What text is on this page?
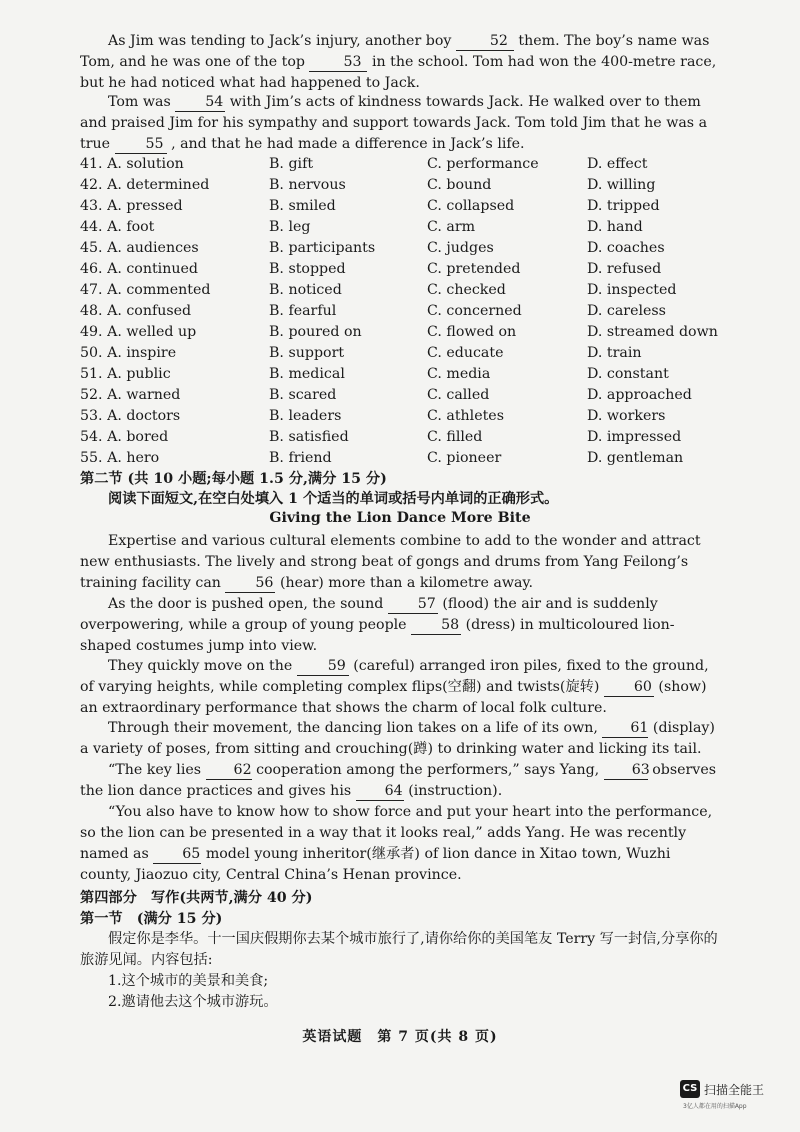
As Jim was tending to Jack’s injury, another boy	52 them. The boy’s name was Tom, and he was one of the top	53 in the school. Tom had won the 400-metre race, but he had noticed what had happened to Jack.
Tom was 54 with Jim’s acts of kindness towards Jack. He walked over to them and praised Jim for his sympathy and support towards Jack. Tom told Jim that he was a true 55 , and that he had made a difference in Jack’s life.
41. A. solution	B. gift	C. performance	D. effect
42. A. determined	B. nervous	C. bound	D. willing
43. A. pressed	B. smiled	C. collapsed	D. tripped
44. A. foot	B. leg	C. arm	D. hand
45. A. audiences	B. participants	C. judges	D. coaches
46. A. continued	B. stopped	C. pretended	D. refused
47. A. commented	B. noticed	C. checked	D. inspected
48. A. confused	B. fearful	C. concerned	D. careless
49. A. welled up	B. poured on	C. flowed on	D. streamed down
50. A. inspire	B. support	C. educate	D. train
51. A. public	B. medical	C. media	D. constant
52. A. warned	B. scared	C. called	D. approached
53. A. doctors	B. leaders	C. athletes	D. workers
54. A. bored	B. satisfied	C. filled	D. impressed
55. A. hero	B. friend	C. pioneer	D. gentleman
第二节 (共 10 小题;每小题 1.5 分,满分 15 分)
阅读下面短文,在空白处填入 1 个适当的单词或括号内单词的正确形式。
Giving the Lion Dance More Bite
Expertise and various cultural elements combine to add to the wonder and attract new enthusiasts. The lively and strong beat of gongs and drums from Yang Feilong’s training facility can 56 (hear) more than a kilometre away.
As the door is pushed open, the sound 57 (flood) the air and is suddenly overpowering, while a group of young people 58 (dress) in multicoloured lion-shaped costumes jump into view.
They quickly move on the 59 (careful) arranged iron piles, fixed to the ground, of varying heights, while completing complex flips(空翻) and twists(旋转) 60 (show) an extraordinary performance that shows the charm of local folk culture.
Through their movement, the dancing lion takes on a life of its own, 61 (display) a variety of poses, from sitting and crouching(蹲) to drinking water and licking its tail.
“The key lies 62 cooperation among the performers,” says Yang, 63 observes the lion dance practices and gives his 64 (instruction).
“You also have to know how to show force and put your heart into the performance, so the lion can be presented in a way that it looks real,” adds Yang. He was recently named as 65 model young inheritor(继承者) of lion dance in Xitao town, Wuzhi county, Jiaozuo city, Central China’s Henan province.
第四部分　写作(共两节,满分 40 分)
第一节　(满分 15 分)
假定你是李华。十一国庆假期你去某个城市旅行了,请你给你的美国笔友 Terry 写一封信,分享你的旅游见闻。内容包括:
1.这个城市的美景和美食;
2.邀请他去这个城市游玩。
英语试题　第 7 页(共 8 页)
CS 扫描全能王
3亿人都在用的扫描App
